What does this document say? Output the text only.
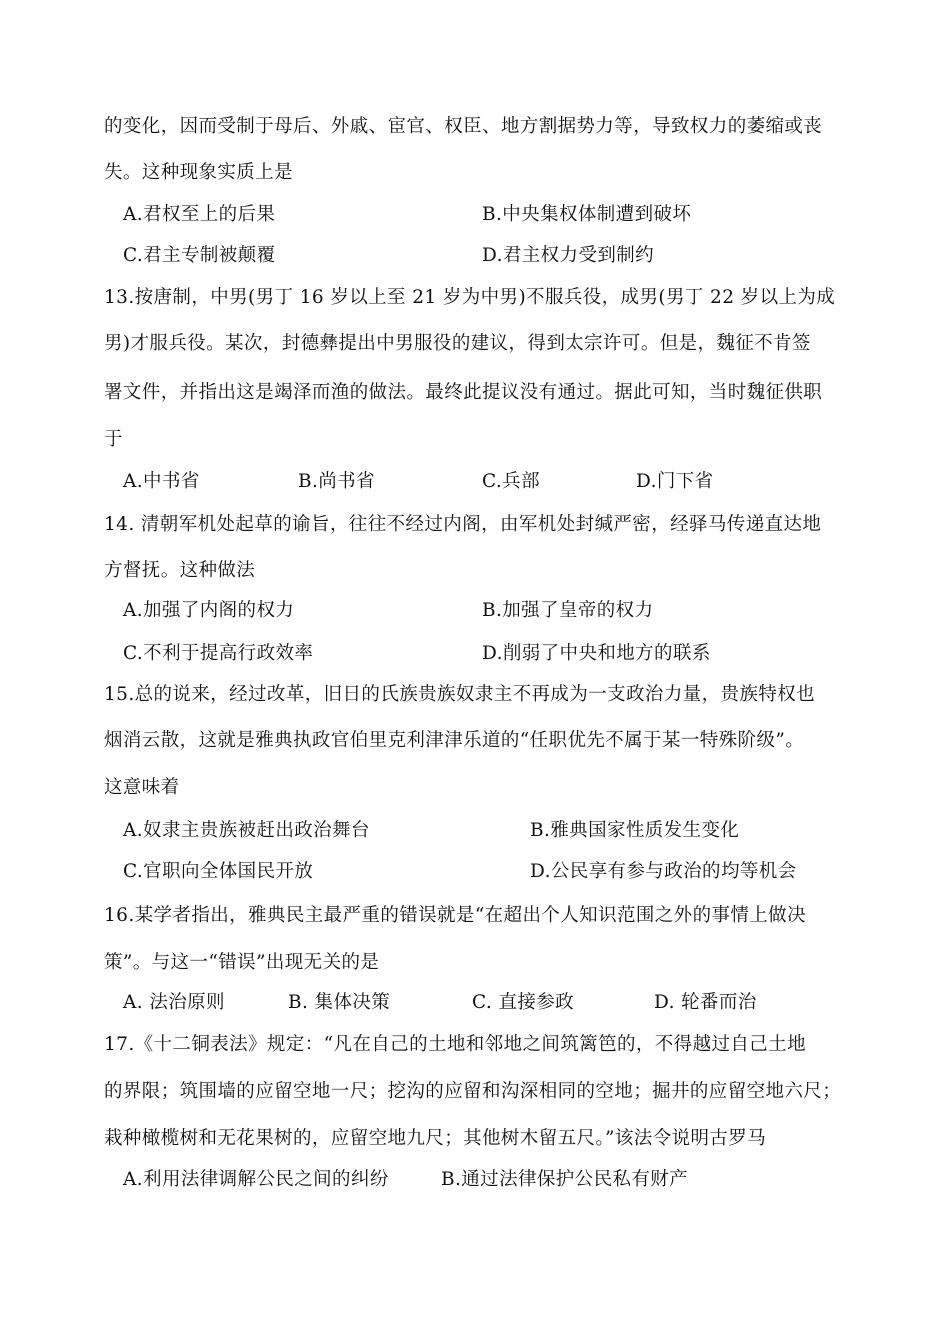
的变化，因而受制于母后、外戚、宦官、权臣、地方割据势力等，导致权力的萎缩或丧
失。这种现象实质上是
A.君权至上的后果	B.中央集权体制遭到破坏
C.君主专制被颠覆	D.君主权力受到制约
13.按唐制，中男(男丁 16 岁以上至 21 岁为中男)不服兵役，成男(男丁 22 岁以上为成
男)才服兵役。某次，封德彝提出中男服役的建议，得到太宗许可。但是，魏征不肯签
署文件，并指出这是竭泽而渔的做法。最终此提议没有通过。据此可知，当时魏征供职
于
A.中书省	B.尚书省	C.兵部	D.门下省
14. 清朝军机处起草的谕旨，往往不经过内阁，由军机处封缄严密，经驿马传递直达地
方督抚。这种做法
A.加强了内阁的权力	B.加强了皇帝的权力
C.不利于提高行政效率	D.削弱了中央和地方的联系
15.总的说来，经过改革，旧日的氏族贵族奴隶主不再成为一支政治力量，贵族特权也
烟消云散，这就是雅典执政官伯里克利津津乐道的“任职优先不属于某一特殊阶级”。
这意味着
A.奴隶主贵族被赶出政治舞台	B.雅典国家性质发生变化
C.官职向全体国民开放	D.公民享有参与政治的均等机会
16.某学者指出，雅典民主最严重的错误就是“在超出个人知识范围之外的事情上做决
策”。与这一“错误”出现无关的是
A. 法治原则	B. 集体决策	C. 直接参政	D. 轮番而治
17.《十二铜表法》规定：“凡在自己的土地和邻地之间筑篱笆的，不得越过自己土地
的界限；筑围墙的应留空地一尺；挖沟的应留和沟深相同的空地；掘井的应留空地六尺；
栽种橄榄树和无花果树的，应留空地九尺；其他树木留五尺。”该法令说明古罗马
A.利用法律调解公民之间的纠纷	B.通过法律保护公民私有财产
